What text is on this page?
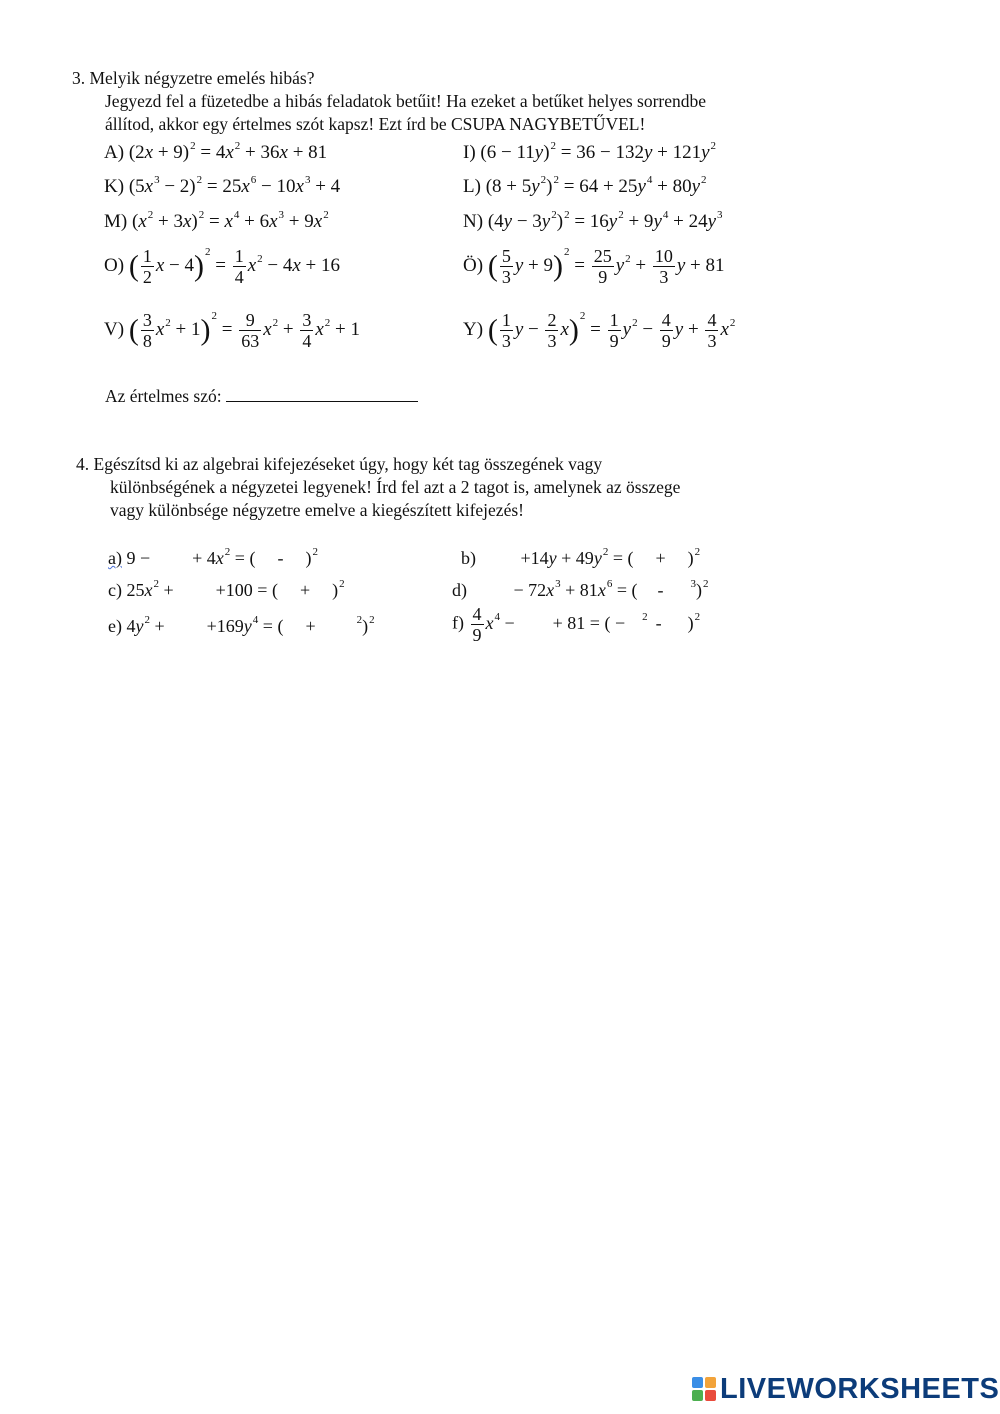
3. Melyik négyzetre emelés hibás?
Jegyezd fel a füzetedbe a hibás feladatok betűit! Ha ezeket a betűket helyes sorrendbe
állítod, akkor egy értelmes szót kapsz! Ezt írd be CSUPA NAGYBETŰVEL!
A) $(2x + 9)^2 = 4x^2 + 36x + 81$	I) $(6 - 11y)^2 = 36 - 132y + 121y^2$
K) $(5x^3 - 2)^2 = 25x^6 - 10x^3 + 4$	L) $(8 + 5y^2)^2 = 64 + 25y^4 + 80y^2$
M) $(x^2 + 3x)^2 = x^4 + 6x^3 + 9x^2$	N) $(4y - 3y^2)^2 = 16y^2 + 9y^4 + 24y^3$
O) ( $\frac{1}{2}$ $x - 4)^2 = \frac{1}{4} x^2 - 4x + 16$	Ö) ( $\frac{5}{3}$ $y + 9)^2 = \frac{25}{9} y^2 + \frac{10}{3}$ y + 81
V) ( $\frac{3}{8} x^2 + 1)^2 = \frac{9}{63} x^2 + \frac{3}{4} x^2 + 1$	Y) ( $\frac{1}{3}$ $y - \frac{2}{3} x)^2 = \frac{1}{9} y^2 - \frac{4}{9}$ $y + \frac{4}{3} x^2$
Az értelmes szó:
4. Egészítsd ki az algebrai kifejezéseket úgy, hogy két tag összegének vagy
különbségének a négyzetei legyenek! Írd fel azt a 2 tagot is, amelynek az összege
vagy különbsége négyzetre emelve a kiegészített kifejezés!
a) 9 − + $4x^2$ = ( - )$^2$	$b) +14y + 49y^2$ = ( + )$^2$
c) $25x^2 + +100$ = ( + )$^2$	d)	− $72x^3 + 81x^6$ = ( - $^3$)$^2$
e) $4y^2 + +169y^4$ = ( +	$^2$)$^2$	$f) \frac{4}{9} x^4$ − + 81 = ( − $^2$ - )$^2$
LIVEWORKSHEETS
